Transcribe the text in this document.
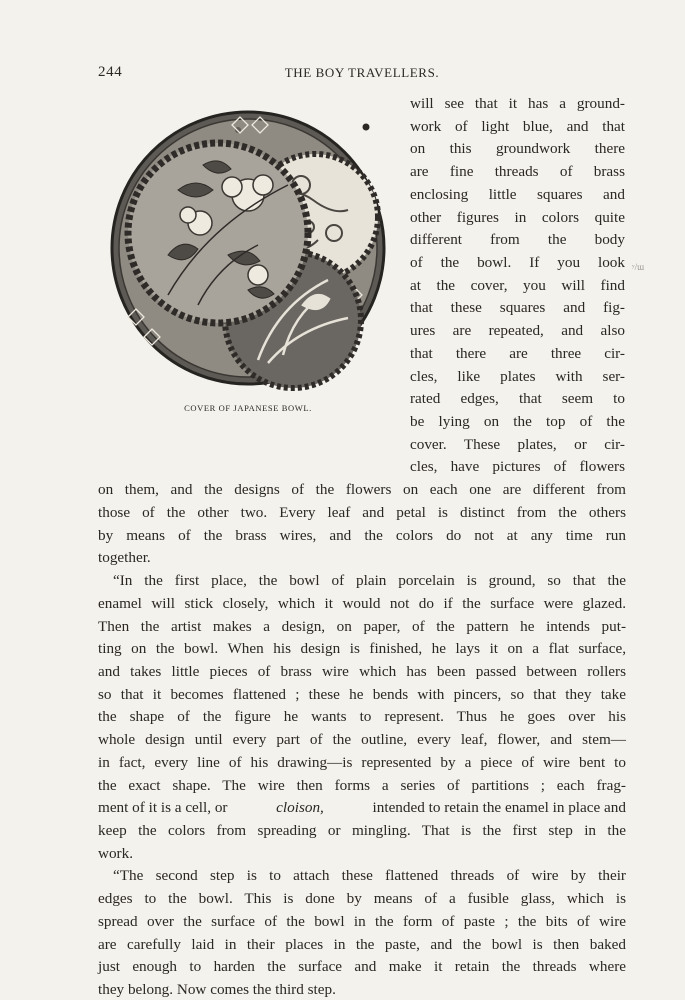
244	THE BOY TRAVELLERS.
COVER OF JAPANESE BOWL.
will see that it has a ground-
work of light blue, and that
on this groundwork there
are fine threads of brass
enclosing little squares and
other figures in colors quite
different from the body
of the bowl. If you look
at the cover, you will find
that these squares and fig-
ures are repeated, and also
that there are three cir-
cles, like plates with ser-
rated edges, that seem to
be lying on the top of the
cover. These plates, or cir-
cles, have pictures of flowers
on them, and the designs of the flowers on each one are different from
those of the other two. Every leaf and petal is distinct from the others
by means of the brass wires, and the colors do not at any time run
together.
“In the first place, the bowl of plain porcelain is ground, so that the
enamel will stick closely, which it would not do if the surface were glazed.
Then the artist makes a design, on paper, of the pattern he intends put-
ting on the bowl. When his design is finished, he lays it on a flat surface,
and takes little pieces of brass wire which has been passed between rollers
so that it becomes flattened ; these he bends with pincers, so that they take
the shape of the figure he wants to represent. Thus he goes over his
whole design until every part of the outline, every leaf, flower, and stem—
in fact, every line of his drawing—is represented by a piece of wire bent to
the exact shape. The wire then forms a series of partitions ; each frag-
ment of it is a cell, or	cloison,	intended to retain the enamel in place and
keep the colors from spreading or mingling. That is the first step in the
work.
“The second step is to attach these flattened threads of wire by their
edges to the bowl. This is done by means of a fusible glass, which is
spread over the surface of the bowl in the form of paste ; the bits of wire
are carefully laid in their places in the paste, and the bowl is then baked
just enough to harden the surface and make it retain the threads where
they belong. Now comes the third step.
ʸ/ɯ
